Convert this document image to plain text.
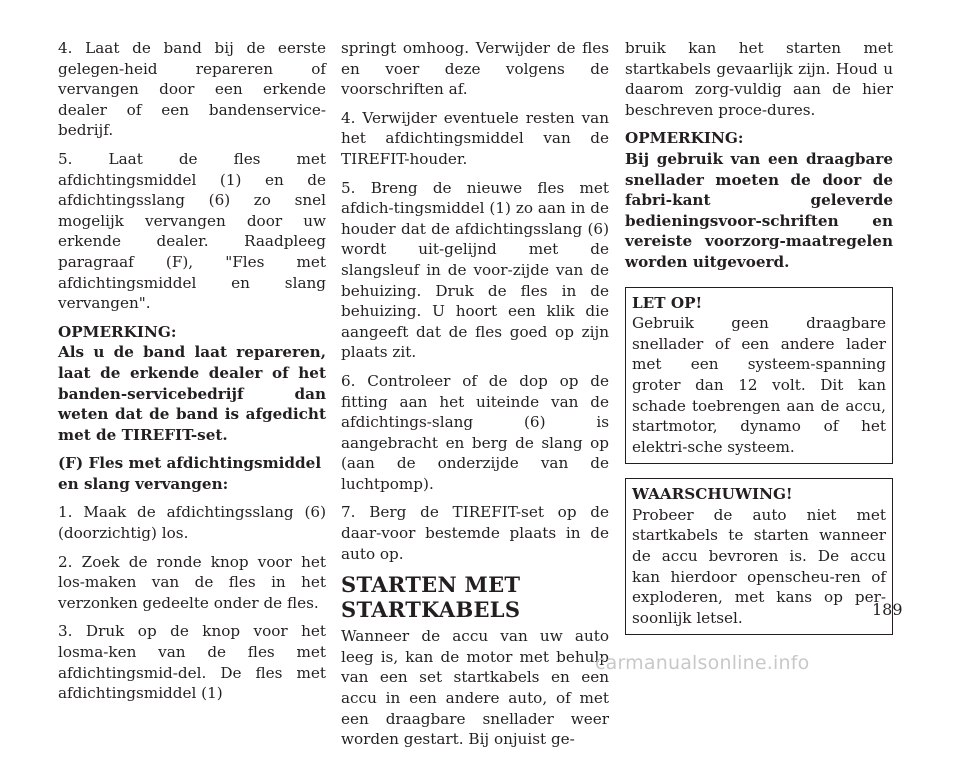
4. Laat de band bij de eerste gelegen-heid repareren of vervangen door een erkende dealer of een bandenservice-bedrijf.

5. Laat de fles met afdichtingsmiddel (1) en de afdichtingsslang (6) zo snel mogelijk vervangen door uw erkende dealer. Raadpleeg paragraaf (F), "Fles met afdichtingsmiddel en slang vervangen".

OPMERKING:

Als u de band laat repareren, laat de erkende dealer of het banden-servicebedrijf dan weten dat de band is afgedicht met de TIREFIT-set.

(F) Fles met afdichtingsmiddel en slang vervangen:

1. Maak de afdichtingsslang (6) (doorzichtig) los.

2. Zoek de ronde knop voor het los-maken van de fles in het verzonken gedeelte onder de fles.

3. Druk op de knop voor het losma-ken van de fles met afdichtingsmid-del. De fles met afdichtingsmiddel (1)

springt omhoog. Verwijder de fles en voer deze volgens de voorschriften af.

4. Verwijder eventuele resten van het afdichtingsmiddel van de TIREFIT-houder.

5. Breng de nieuwe fles met afdich-tingsmiddel (1) zo aan in de houder dat de afdichtingsslang (6) wordt uit-gelijnd met de slangsleuf in de voor-zijde van de behuizing. Druk de fles in de behuizing. U hoort een klik die aangeeft dat de fles goed op zijn plaats zit.

6. Controleer of de dop op de fitting aan het uiteinde van de afdichtings-slang (6) is aangebracht en berg de slang op (aan de onderzijde van de luchtpomp).

7. Berg de TIREFIT-set op de daar-voor bestemde plaats in de auto op.

STARTEN MET STARTKABELS

Wanneer de accu van uw auto leeg is, kan de motor met behulp van een set startkabels en een accu in een andere auto, of met een draagbare snellader weer worden gestart. Bij onjuist ge-

bruik kan het starten met startkabels gevaarlijk zijn. Houd u daarom zorg-vuldig aan de hier beschreven proce-dures.

OPMERKING:

Bij gebruik van een draagbare snellader moeten de door de fabri-kant geleverde bedieningsvoor-schriften en vereiste voorzorg-maatregelen worden uitgevoerd.

LET OP!

Gebruik geen draagbare snellader of een andere lader met een systeem-spanning groter dan 12 volt. Dit kan schade toebrengen aan de accu, startmotor, dynamo of het elektri-sche systeem.

WAARSCHUWING!

Probeer de auto niet met startkabels te starten wanneer de accu bevroren is. De accu kan hierdoor openscheu-ren of exploderen, met kans op per-soonlijk letsel.	189
carmanualsonline.info
